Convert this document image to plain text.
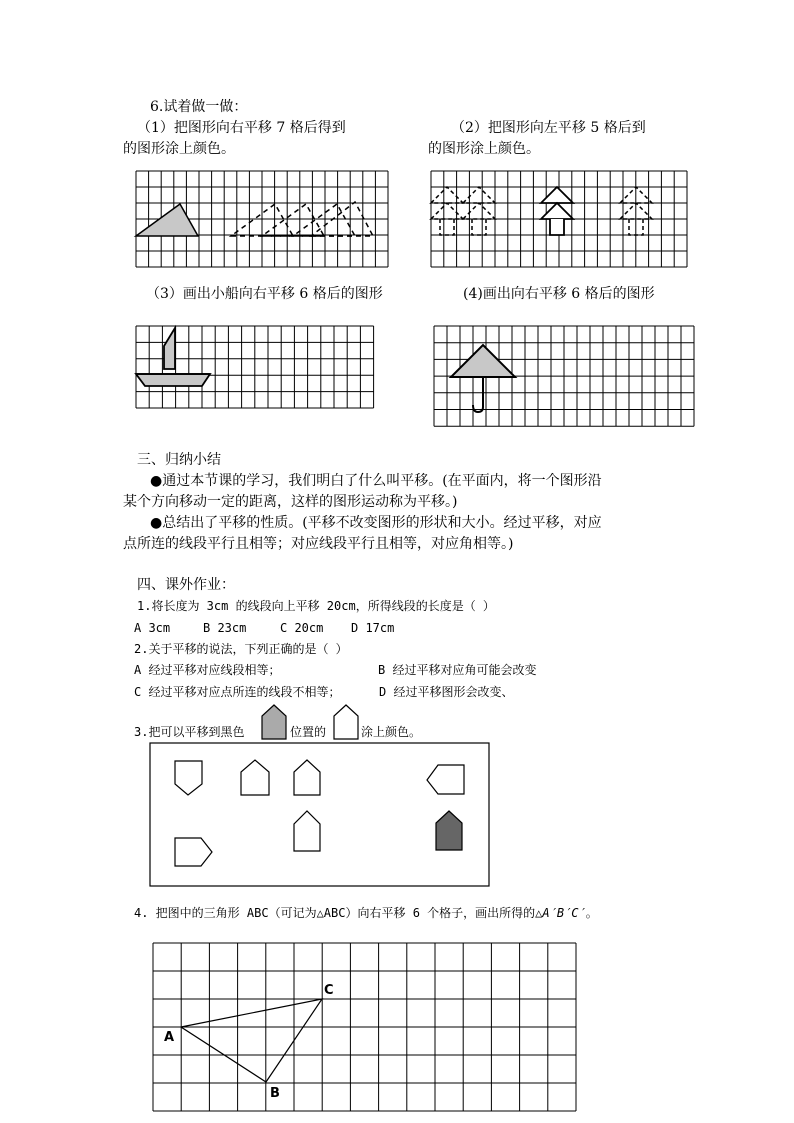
6.试着做一做：
（1）把图形向右平移 7 格后得到
的图形涂上颜色。
（2）把图形向左平移 5 格后到
的图形涂上颜色。
（3）画出小船向右平移 6 格后的图形	(4)画出向右平移 6 格后的图形
三、归纳小结
●通过本节课的学习，我们明白了什么叫平移。(在平面内，将一个图形沿
某个方向移动一定的距离，这样的图形运动称为平移。)
●总结出了平移的性质。(平移不改变图形的形状和大小。经过平移，对应
点所连的线段平行且相等；对应线段平行且相等，对应角相等。)
四、课外作业：
1.将长度为 3cm 的线段向上平移 20cm，所得线段的长度是（ ）
A 3cm	B 23cm	C 20cm D 17cm
2.关于平移的说法，下列正确的是（ ）
A 经过平移对应线段相等；	B 经过平移对应角可能会改变
C 经过平移对应点所连的线段不相等；	D 经过平移图形会改变、
3.把可以平移到黑色	位置的	涂上颜色。
4. 把图中的三角形 ABC（可记为△ABC）向右平移 6 个格子，画出所得的△A′B′C′。
A
B
C
